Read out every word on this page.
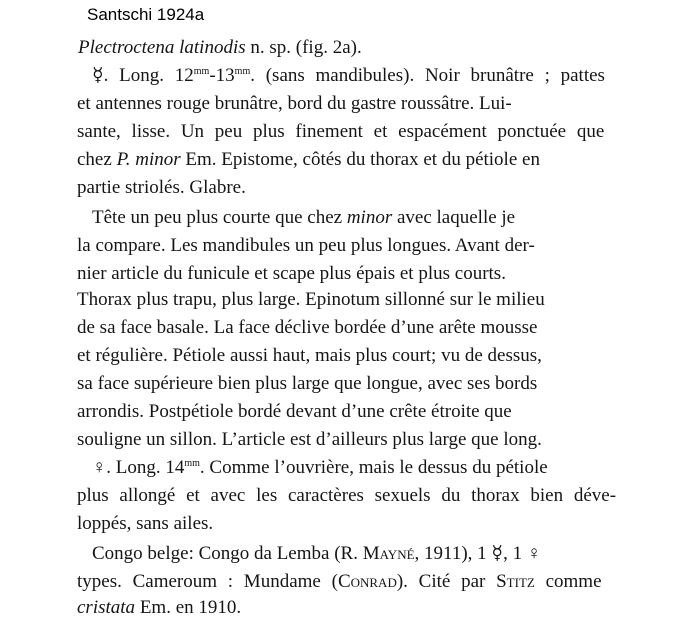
Santschi 1924a
Plectroctena latinodis n. sp. (fig. 2a).
☿. Long. $12^{mm}-13^{mm}$. (sans mandibules). Noir brunâtre ; pattes
et antennes rouge brunâtre, bord du gastre roussâtre. Lui-
sante, lisse. Un peu plus finement et espacément ponctuée que
chez P. minor Em. Epistome, côtés du thorax et du pétiole en
partie striolés. Glabre.
Tête un peu plus courte que chez minor avec laquelle je
la compare. Les mandibules un peu plus longues. Avant der-
nier article du funicule et scape plus épais et plus courts.
Thorax plus trapu, plus large. Epinotum sillonné sur le milieu
de sa face basale. La face déclive bordée d’une arête mousse
et régulière. Pétiole aussi haut, mais plus court; vu de dessus,
sa face supérieure bien plus large que longue, avec ses bords
arrondis. Postpétiole bordé devant d’une crête étroite que
souligne un sillon. L’article est d’ailleurs plus large que long.
♀. Long. $14^{mm}$. Comme l’ouvrière, mais le dessus du pétiole
plus allongé et avec les caractères sexuels du thorax bien déve-
loppés, sans ailes.
Congo belge: Congo da Lemba (R. Mayné, 1911), 1 ☿, 1 ♀
types. Cameroum : Mundame (Conrad). Cité par Stitz comme
cristata Em. en 1910.
